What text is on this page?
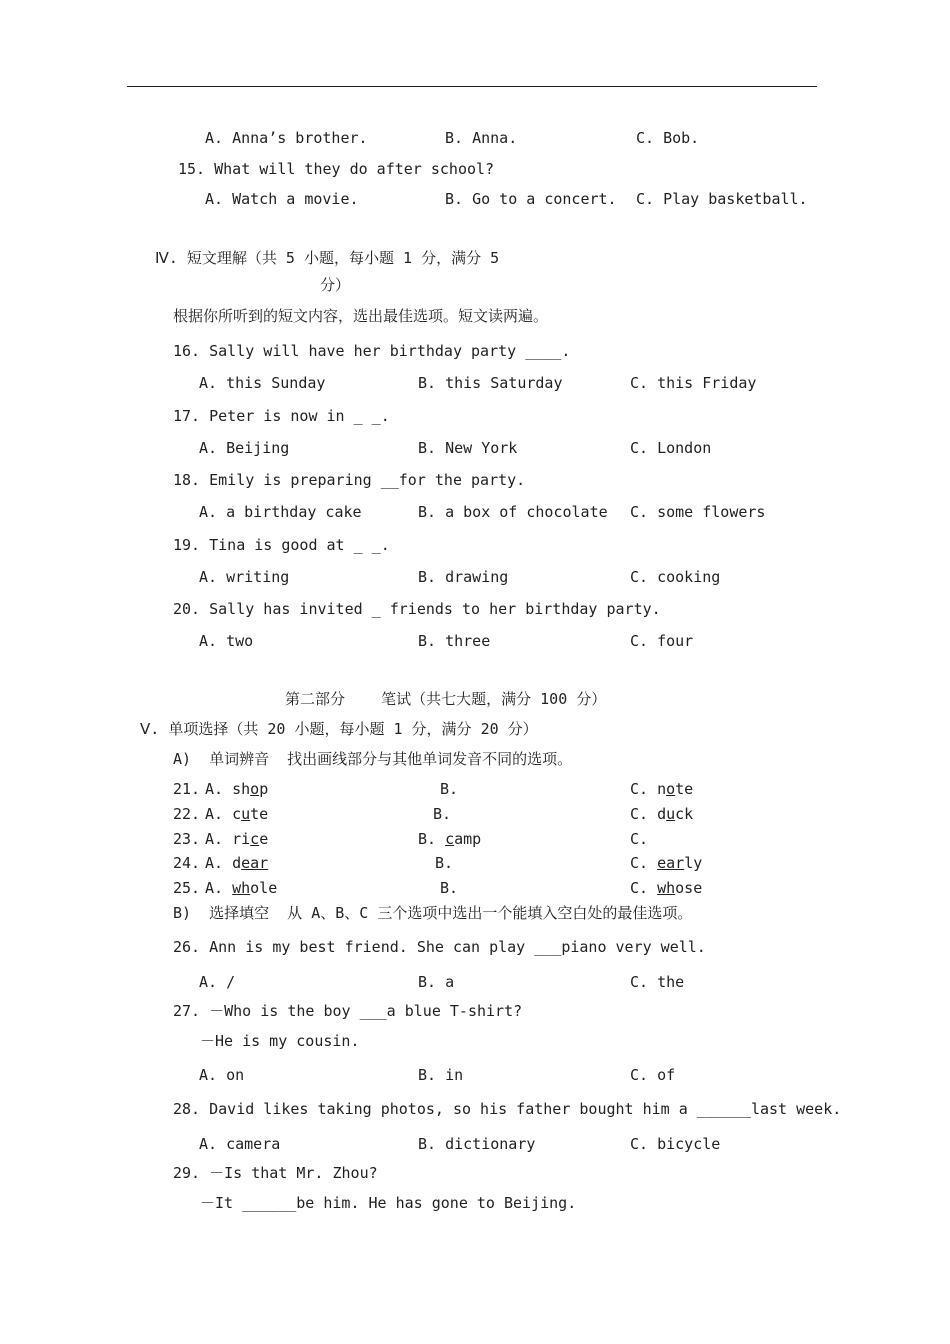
A. Anna’s brother.	B. Anna.	C. Bob.
15. What will they do after school?
A. Watch a movie.	B. Go to a concert. C. Play basketball.
Ⅳ. 短文理解（共 5 小题，每小题 1 分，满分 5
分）
根据你所听到的短文内容，选出最佳选项。短文读两遍。
16. Sally will have her birthday party ____.
A. this Sunday	B. this Saturday	C. this Friday
17. Peter is now in _ _.
A. Beijing	B. New York	C. London
18. Emily is preparing __for the party.
A. a birthday cake	B. a box of chocolate C. some flowers
19. Tina is good at _ _.
A. writing	B. drawing	C. cooking
20. Sally has invited _ friends to her birthday party.
A. two	B. three	C. four
第二部分    笔试（共七大题，满分 100 分）
Ⅴ. 单项选择（共 20 小题，每小题 1 分，满分 20 分）
A)  单词辨音  找出画线部分与其他单词发音不同的选项。
21. A. shop	B.	C. note
22. A. cute	B.	C. duck
23. A. rice	B. camp	C.
24. A. dear	B.	C. early
25. A. whole	B.	C. whose
B)  选择填空  从 A、B、C 三个选项中选出一个能填入空白处的最佳选项。
26. Ann is my best friend. She can play ___piano very well.
A. /	B. a	C. the
27. －Who is the boy ___a blue T-shirt?
－He is my cousin.
A. on	B. in	C. of
28. David likes taking photos, so his father bought him a ______last week.
A. camera	B. dictionary	C. bicycle
29. －Is that Mr. Zhou?
－It ______be him. He has gone to Beijing.
